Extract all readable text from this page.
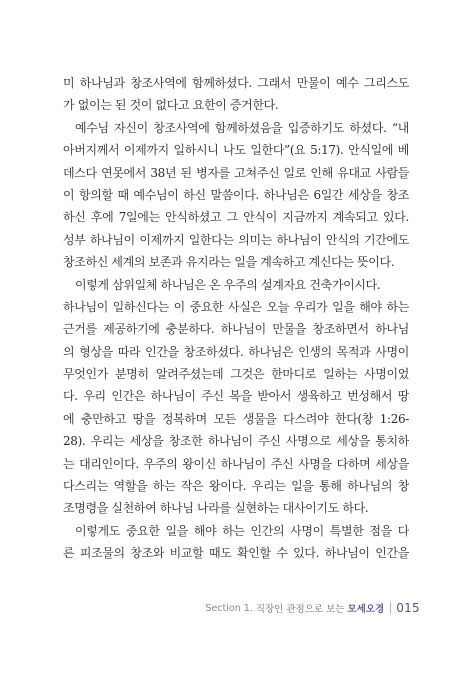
미 하나님과 창조사역에 함께하셨다. 그래서 만물이 예수 그리스도
가 없이는 된 것이 없다고 요한이 증거한다.
예수님 자신이 창조사역에 함께하셨음을 입증하기도 하셨다. “내
아버지께서 이제까지 일하시니 나도 일한다”(요 5:17). 안식일에 베
데스다 연못에서 38년 된 병자를 고쳐주신 일로 인해 유대교 사람들
이 항의할 때 예수님이 하신 말씀이다. 하나님은 6일간 세상을 창조
하신 후에 7일에는 안식하셨고 그 안식이 지금까지 계속되고 있다.
성부 하나님이 이제까지 일한다는 의미는 하나님이 안식의 기간에도
창조하신 세계의 보존과 유지라는 일을 계속하고 계신다는 뜻이다.
이렇게 삼위일체 하나님은 온 우주의 설계자요 건축가이시다.
하나님이 일하신다는 이 중요한 사실은 오늘 우리가 일을 해야 하는
근거를 제공하기에 충분하다. 하나님이 만물을 창조하면서 하나님
의 형상을 따라 인간을 창조하셨다. 하나님은 인생의 목적과 사명이
무엇인가 분명히 알려주셨는데 그것은 한마디로 일하는 사명이었
다. 우리 인간은 하나님이 주신 복을 받아서 생육하고 번성해서 땅
에 충만하고 땅을 정복하며 모든 생물을 다스려야 한다(창 1:26-
28). 우리는 세상을 창조한 하나님이 주신 사명으로 세상을 통치하
는 대리인이다. 우주의 왕이신 하나님이 주신 사명을 다하며 세상을
다스리는 역할을 하는 작은 왕이다. 우리는 일을 통해 하나님의 창
조명령을 실천하여 하나님 나라를 실현하는 대사이기도 하다.
이렇게도 중요한 일을 해야 하는 인간의 사명이 특별한 점을 다
른 피조물의 창조와 비교할 때도 확인할 수 있다. 하나님이 인간을
Section 1. 직장인 관점으로 보는 모세오경 015
